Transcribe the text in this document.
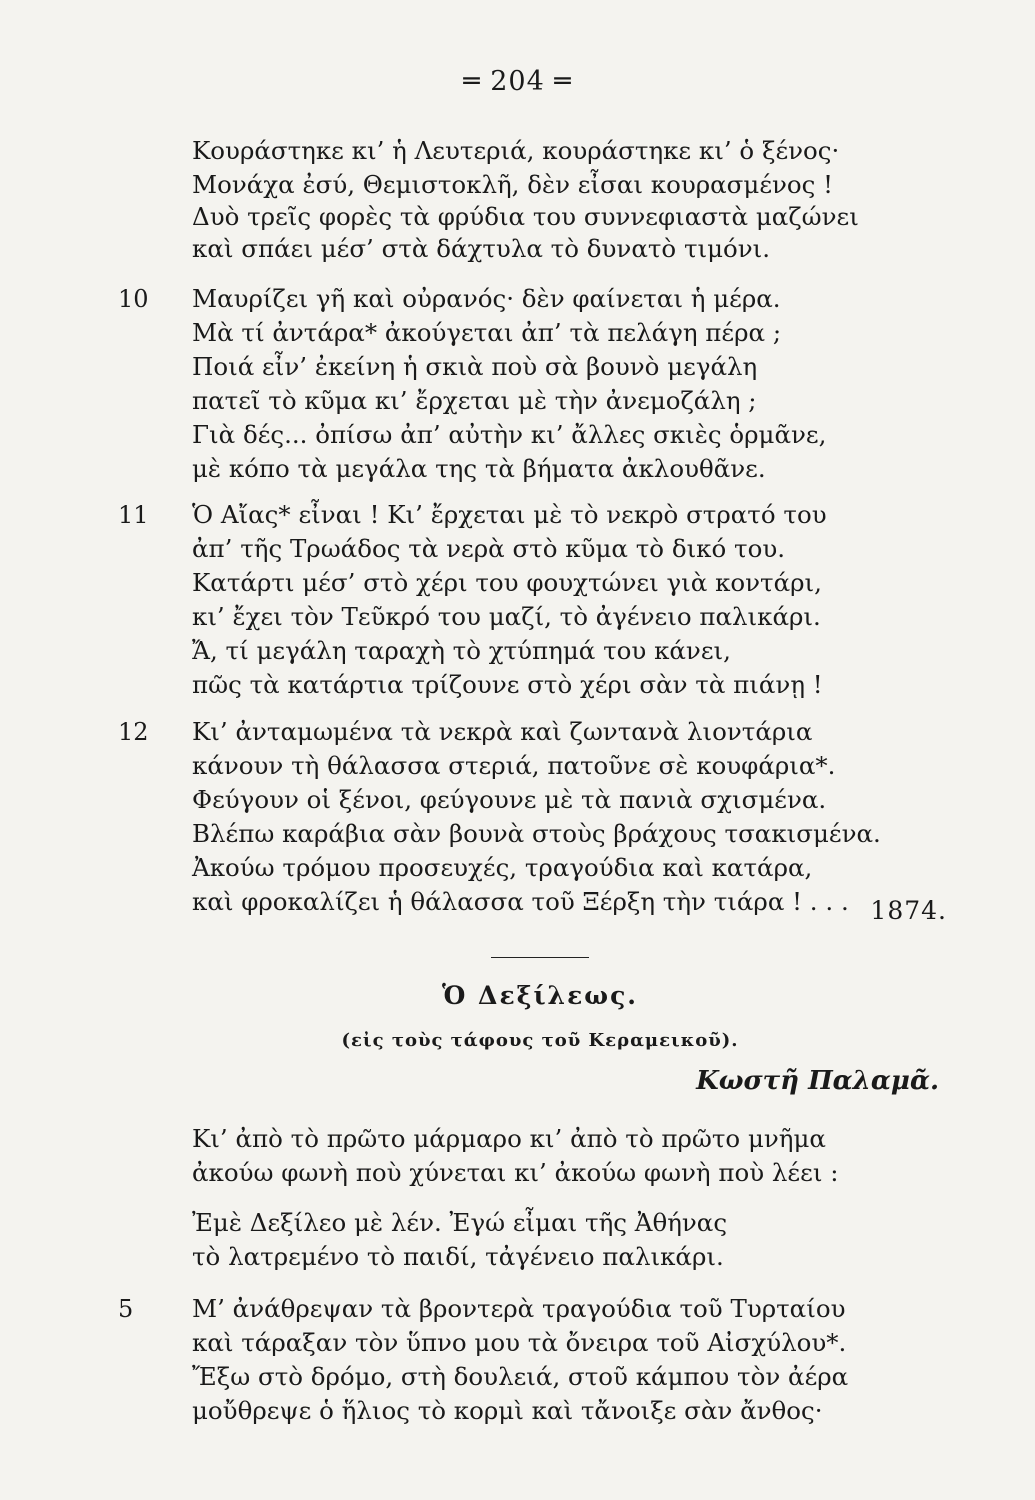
═ 204 ═
Κουράστηκε κι’ ἡ Λευτεριά, κουράστηκε κι’ ὁ ξένος·
Μονάχα ἐσύ, Θεμιστοκλῆ, δὲν εἶσαι κουρασμένος !
Δυὸ τρεῖς φορὲς τὰ φρύδια του συννεφιαστὰ μαζώνει
καὶ σπάει μέσ’ στὰ δάχτυλα τὸ δυνατὸ τιμόνι.
10	Μαυρίζει γῆ καὶ οὐρανός· δὲν φαίνεται ἡ μέρα.
Μὰ τί ἀντάρα* ἀκούγεται ἀπ’ τὰ πελάγη πέρα ;
Ποιά εἶν’ ἐκείνη ἡ σκιὰ ποὺ σὰ βουνὸ μεγάλη
πατεῖ τὸ κῦμα κι’ ἔρχεται μὲ τὴν ἀνεμοζάλη ;
Γιὰ δές... ὀπίσω ἀπ’ αὐτὴν κι’ ἄλλες σκιὲς ὁρμᾶνε,
μὲ κόπο τὰ μεγάλα της τὰ βήματα ἀκλουθᾶνε.
11	Ὁ Αἴας* εἶναι ! Κι’ ἔρχεται μὲ τὸ νεκρὸ στρατό του
ἀπ’ τῆς Τρωάδος τὰ νερὰ στὸ κῦμα τὸ δικό του.
Κατάρτι μέσ’ στὸ χέρι του φουχτώνει γιὰ κοντάρι,
κι’ ἔχει τὸν Τεῦκρό του μαζί, τὸ ἀγένειο παλικάρι.
Ἄ, τί μεγάλη ταραχὴ τὸ χτύπημά του κάνει,
πῶς τὰ κατάρτια τρίζουνε στὸ χέρι σὰν τὰ πιάνῃ !
12	Κι’ ἀνταμωμένα τὰ νεκρὰ καὶ ζωντανὰ λιοντάρια
κάνουν τὴ θάλασσα στεριά, πατοῦνε σὲ κουφάρια*.
Φεύγουν οἱ ξένοι, φεύγουνε μὲ τὰ πανιὰ σχισμένα.
Βλέπω καράβια σὰν βουνὰ στοὺς βράχους τσακισμένα.
Ἀκούω τρόμου προσευχές, τραγούδια καὶ κατάρα,
καὶ φροκαλίζει ἡ θάλασσα τοῦ Ξέρξη τὴν τιάρα ! . . . 1874.
Ὁ Δεξίλεως.
(εἰς τοὺς τάφους τοῦ Κεραμεικοῦ).
Κωστῆ Παλαμᾶ.
Κι’ ἀπὸ τὸ πρῶτο μάρμαρο κι’ ἀπὸ τὸ πρῶτο μνῆμα
ἀκούω φωνὴ ποὺ χύνεται κι’ ἀκούω φωνὴ ποὺ λέει :
Ἐμὲ Δεξίλεο μὲ λέν. Ἐγώ εἶμαι τῆς Ἀθήνας
τὸ λατρεμένο τὸ παιδί, τἀγένειο παλικάρι.
5	Μ’ ἀνάθρεψαν τὰ βροντερὰ τραγούδια τοῦ Τυρταίου
καὶ τάραξαν τὸν ὕπνο μου τὰ ὄνειρα τοῦ Αἰσχύλου*.
Ἔξω στὸ δρόμο, στὴ δουλειά, στοῦ κάμπου τὸν ἀέρα
μοὔθρεψε ὁ ἥλιος τὸ κορμὶ καὶ τἄνοιξε σὰν ἄνθος·
